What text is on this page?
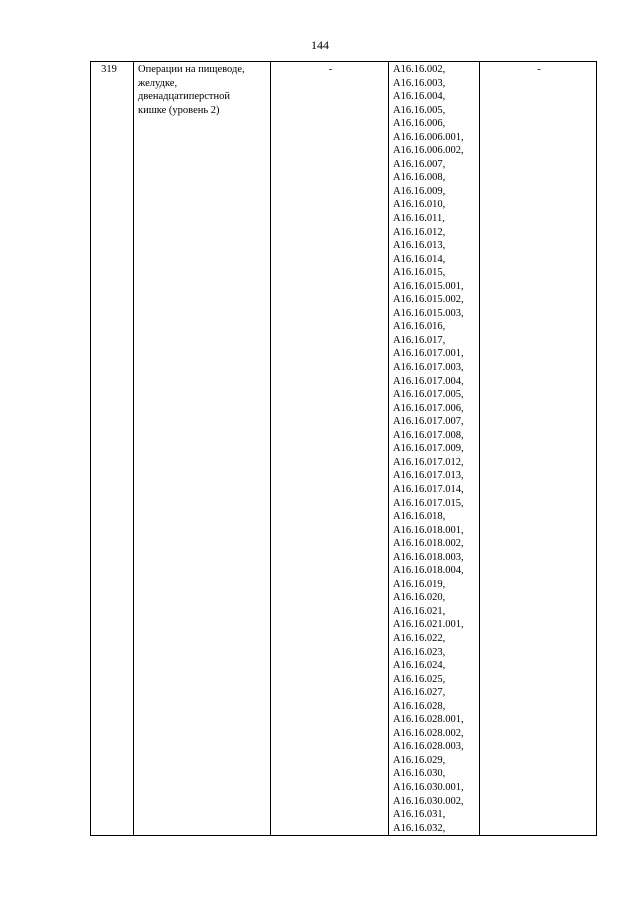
144
319	Операции на пищеводе,
желудке,
двенадцатиперстной
кишке (уровень 2)
	-	A16.16.002,
A16.16.003,
A16.16.004,
A16.16.005,
A16.16.006,
A16.16.006.001,
A16.16.006.002,
A16.16.007,
A16.16.008,
A16.16.009,
A16.16.010,
A16.16.011,
A16.16.012,
A16.16.013,
A16.16.014,
A16.16.015,
A16.16.015.001,
A16.16.015.002,
A16.16.015.003,
A16.16.016,
A16.16.017,
A16.16.017.001,
A16.16.017.003,
A16.16.017.004,
A16.16.017.005,
A16.16.017.006,
A16.16.017.007,
A16.16.017.008,
A16.16.017.009,
A16.16.017.012,
A16.16.017.013,
A16.16.017.014,
A16.16.017.015,
A16.16.018,
A16.16.018.001,
A16.16.018.002,
A16.16.018.003,
A16.16.018.004,
A16.16.019,
A16.16.020,
A16.16.021,
A16.16.021.001,
A16.16.022,
A16.16.023,
A16.16.024,
A16.16.025,
A16.16.027,
A16.16.028,
A16.16.028.001,
A16.16.028.002,
A16.16.028.003,
A16.16.029,
A16.16.030,
A16.16.030.001,
A16.16.030.002,
A16.16.031,
A16.16.032,
	-
